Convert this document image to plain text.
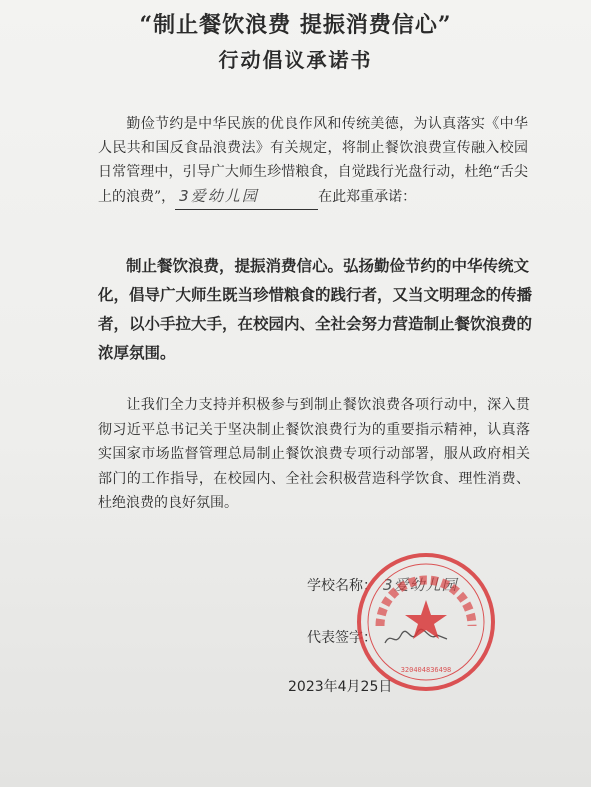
“制止餐饮浪费 提振消费信心”
行动倡议承诺书
勤俭节约是中华民族的优良作风和传统美德，为认真落实《中华人民共和国反食品浪费法》有关规定，将制止餐饮浪费宣传融入校园日常管理中，引导广大师生珍惜粮食，自觉践行光盘行动，杜绝“舌尖上的浪费”， 3爱幼儿园	在此郑重承诺：
制止餐饮浪费，提振消费信心。弘扬勤俭节约的中华传统文化，倡导广大师生既当珍惜粮食的践行者，又当文明理念的传播者，以小手拉大手，在校园内、全社会努力营造制止餐饮浪费的浓厚氛围。
让我们全力支持并积极参与到制止餐饮浪费各项行动中，深入贯彻习近平总书记关于坚决制止餐饮浪费行为的重要指示精神，认真落实国家市场监督管理总局制止餐饮浪费专项行动部署，服从政府相关部门的工作指导，在校园内、全社会积极营造科学饮食、理性消费、杜绝浪费的良好氛围。
学校名称： 3爱幼儿园
代表签字：
2023年4月25日
320404836498
